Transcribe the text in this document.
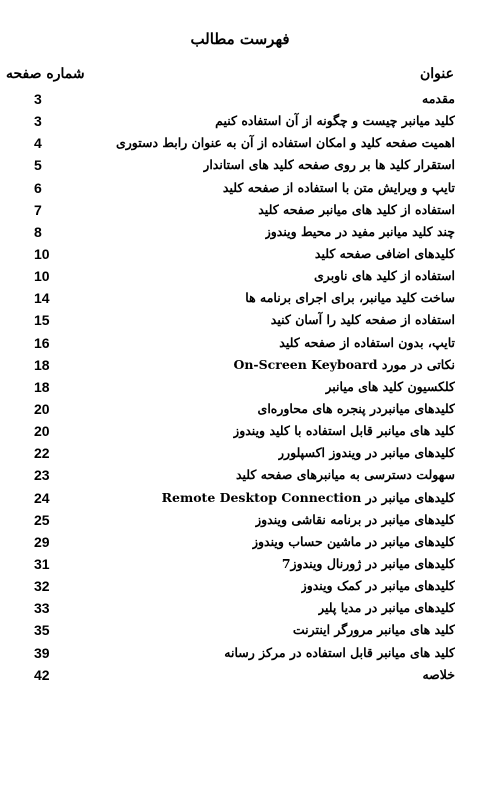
فهرست مطالب
شماره صفحه	عنوان
3	مقدمه
3	کلید میانبر چیست و چگونه از آن استفاده کنیم
4	اهمیت صفحه کلید و امکان استفاده از آن به عنوان رابط دستوری
5	استقرار کلید ها بر روی صفحه کلید های استاندار
6	تایپ و ویرایش متن با استفاده از صفحه کلید
7	استفاده از کلید های میانبر صفحه کلید
8	چند کلید میانبر مفید در محیط ویندوز
10	کلیدهای اضافی صفحه کلید
10	استفاده از کلید های ناوبری
14	ساخت کلید میانبر، برای اجرای برنامه ها
15	استفاده از صفحه کلید را آسان کنید
16	تایپ، بدون استفاده از صفحه کلید
18	نکاتی در مورد On-Screen Keyboard
18	کلکسیون کلید های میانبر
20	کلیدهای میانبردر پنجره های محاوره‌ای
20	کلید های میانبر قابل استفاده با کلید ویندوز
22	کلیدهای میانبر در ویندوز اکسپلورر
23	سهولت دسترسی به میانبرهای صفحه کلید
24	کلیدهای میانبر در Remote Desktop Connection
25	کلیدهای میانبر در برنامه نقاشی ویندوز
29	کلیدهای میانبر در ماشین حساب ویندوز
31	کلیدهای میانبر در ژورنال ویندوز7
32	کلیدهای میانبر در کمک ویندوز
33	کلیدهای میانبر در مدیا پلیر
35	کلید های میانبر مرورگر اینترنت
39	کلید های میانبر قابل استفاده در مرکز رسانه
42	خلاصه
